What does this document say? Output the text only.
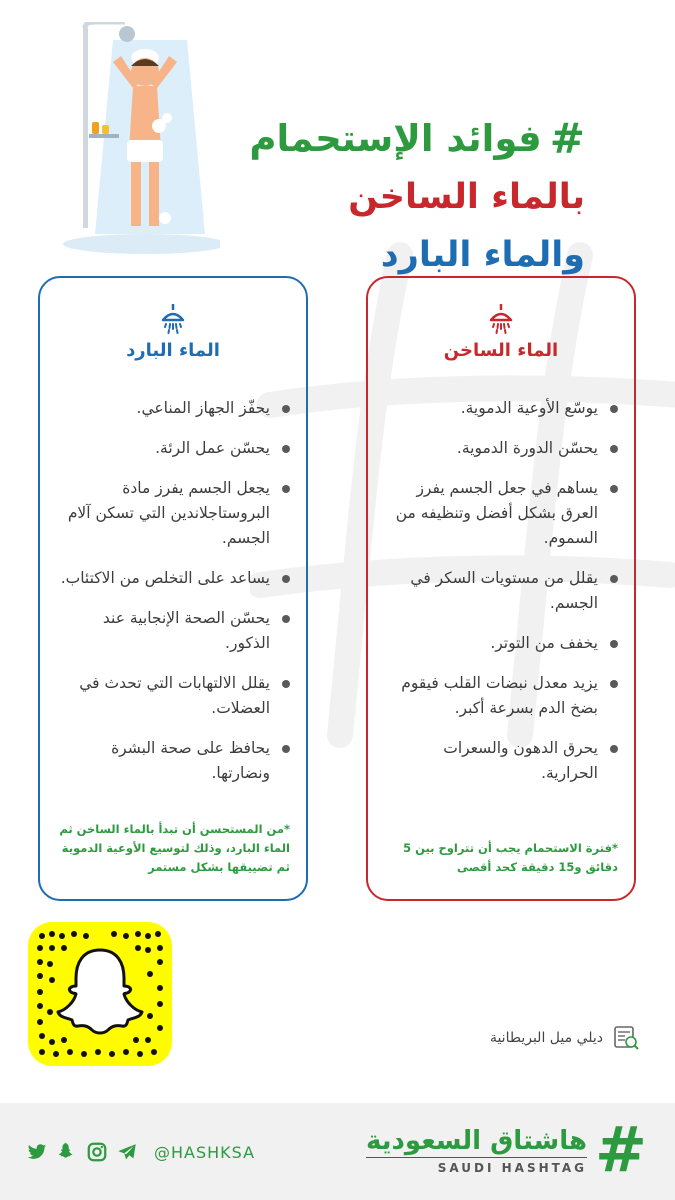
#
فوائد الإستحمام
بالماء الساخن
والماء البارد
الماء الساخن
يوسّع الأوعية الدموية.
يحسّن الدورة الدموية.
يساهم في جعل الجسم يفرز العرق بشكل أفضل وتنظيفه من السموم.
يقلل من مستويات السكر في الجسم.
يخفف من التوتر.
يزيد معدل نبضات القلب فيقوم بضخ الدم بسرعة أكبر.
يحرق الدهون والسعرات الحرارية.
*فترة الاستحمام يجب أن تتراوح بين 5 دقائق و15 دقيقة كحد أقصى
الماء البارد
يحفّز الجهاز المناعي.
يحسّن عمل الرئة.
يجعل الجسم يفرز مادة البروستاجلاندين التي تسكن آلام الجسم.
يساعد على التخلص من الاكتئاب.
يحسّن الصحة الإنجابية عند الذكور.
يقلل الالتهابات التي تحدث في العضلات.
يحافظ على صحة البشرة ونضارتها.
*من المستحسن أن تبدأ بالماء الساخن ثم الماء البارد، وذلك لتوسيع الأوعية الدموية ثم تضييقها بشكل مستمر
ديلي ميل البريطانية
هاشتاق السعودية
SAUDI HASHTAG #
@HASHKSA
